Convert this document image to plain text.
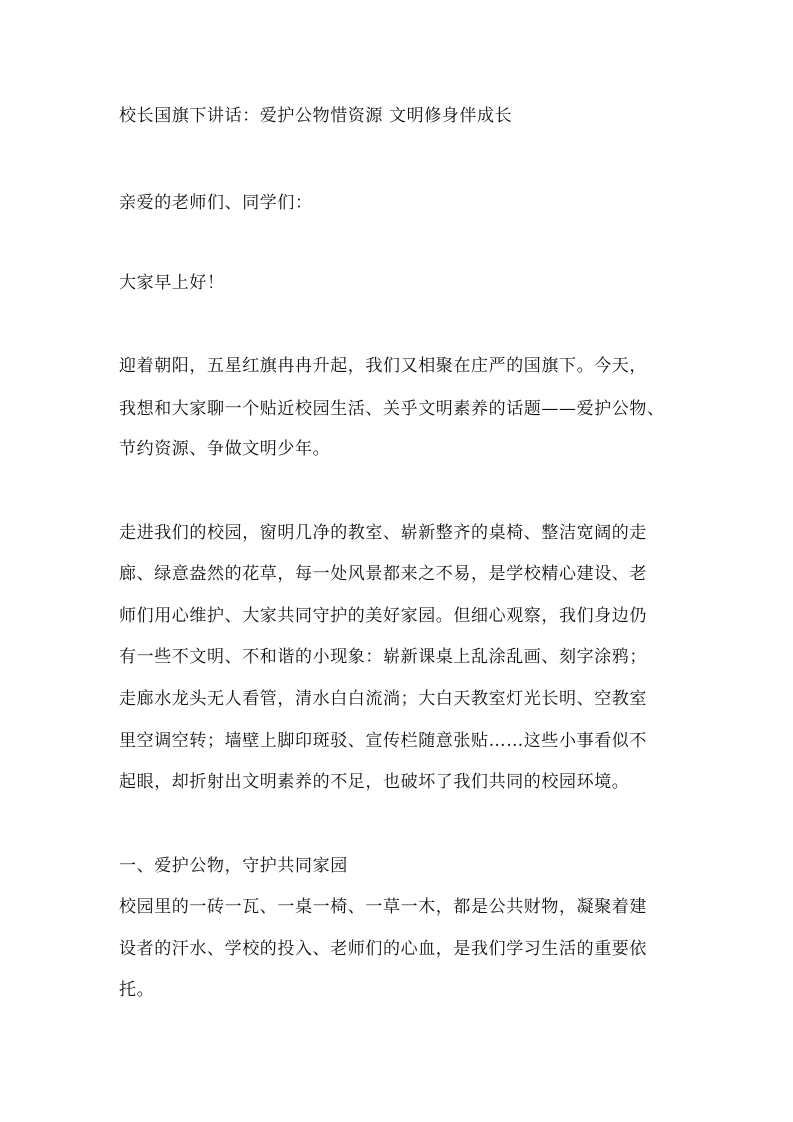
校长国旗下讲话：爱护公物惜资源 文明修身伴成长
亲爱的老师们、同学们：
大家早上好！
迎着朝阳，五星红旗冉冉升起，我们又相聚在庄严的国旗下。今天，
我想和大家聊一个贴近校园生活、关乎文明素养的话题——爱护公物、
节约资源、争做文明少年。
走进我们的校园，窗明几净的教室、崭新整齐的桌椅、整洁宽阔的走
廊、绿意盎然的花草，每一处风景都来之不易，是学校精心建设、老
师们用心维护、大家共同守护的美好家园。但细心观察，我们身边仍
有一些不文明、不和谐的小现象：崭新课桌上乱涂乱画、刻字涂鸦；
走廊水龙头无人看管，清水白白流淌；大白天教室灯光长明、空教室
里空调空转；墙壁上脚印斑驳、宣传栏随意张贴……这些小事看似不
起眼，却折射出文明素养的不足，也破坏了我们共同的校园环境。
一、爱护公物，守护共同家园
校园里的一砖一瓦、一桌一椅、一草一木，都是公共财物，凝聚着建
设者的汗水、学校的投入、老师们的心血，是我们学习生活的重要依
托。
